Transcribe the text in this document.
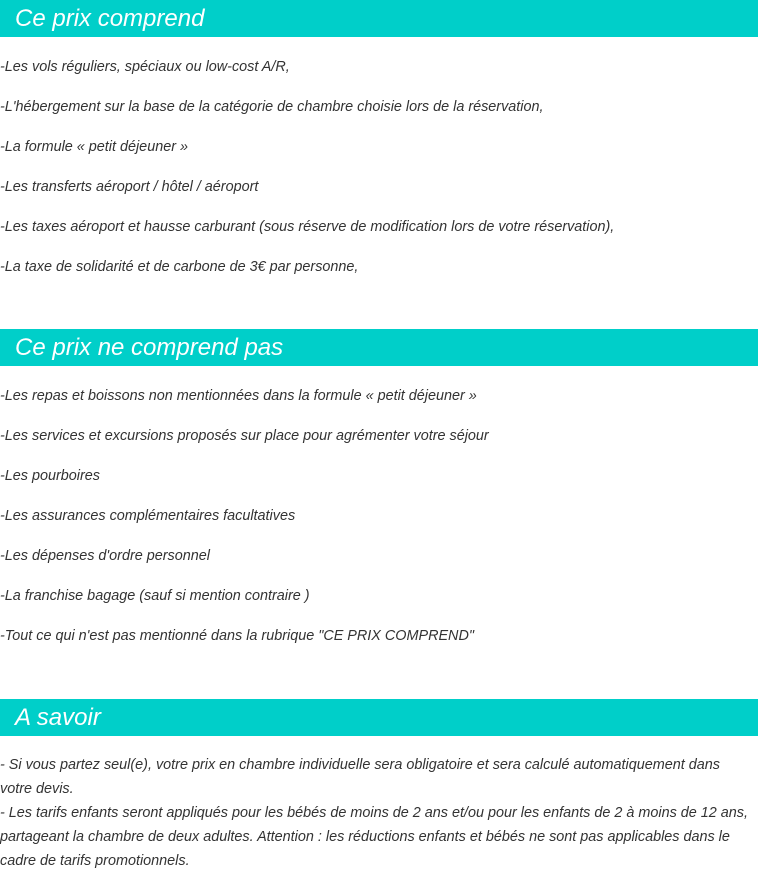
Ce prix comprend
-Les vols réguliers, spéciaux ou low-cost A/R,
-L'hébergement sur la base de la catégorie de chambre choisie lors de la réservation,
-La formule « petit déjeuner »
-Les transferts aéroport / hôtel / aéroport
-Les taxes aéroport et hausse carburant (sous réserve de modification lors de votre réservation),
-La taxe de solidarité et de carbone de 3€ par personne,
Ce prix ne comprend pas
-Les repas et boissons non mentionnées dans la formule « petit déjeuner »
-Les services et excursions proposés sur place pour agrémenter votre séjour
-Les pourboires
-Les assurances complémentaires facultatives
-Les dépenses d'ordre personnel
-La franchise bagage (sauf si mention contraire )
-Tout ce qui n'est pas mentionné dans la rubrique "CE PRIX COMPREND"
A savoir

- Si vous partez seul(e), votre prix en chambre individuelle sera obligatoire et sera calculé automatiquement dans votre devis.

- Les tarifs enfants seront appliqués pour les bébés de moins de 2 ans et/ou pour les enfants de 2 à moins de 12 ans, partageant la chambre de deux adultes. Attention : les réductions enfants et bébés ne sont pas applicables dans le cadre de tarifs promotionnels.
